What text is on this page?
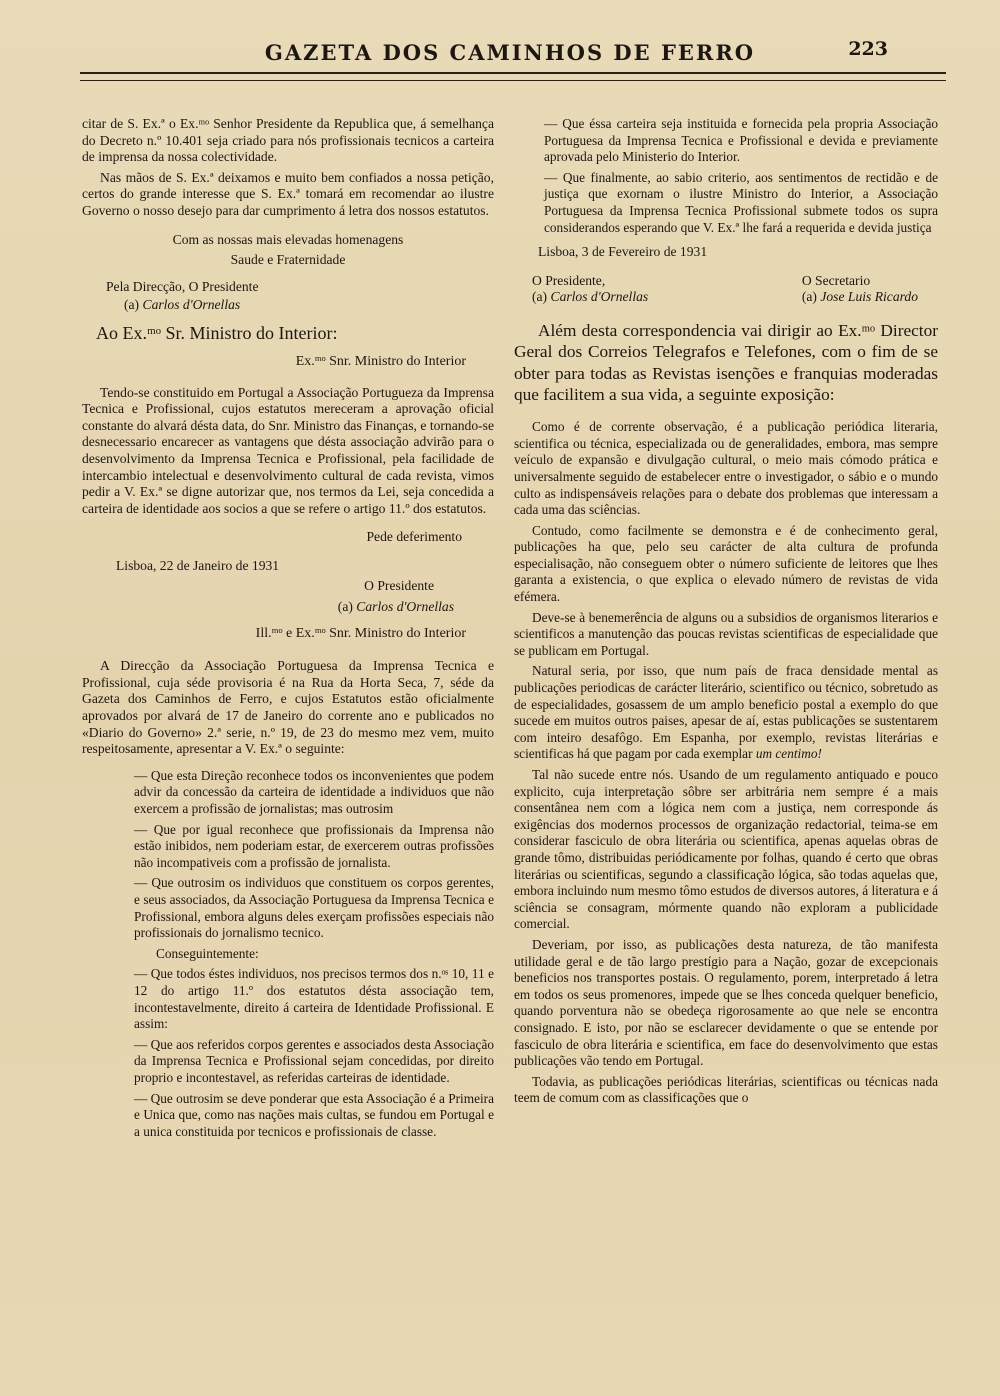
GAZETA DOS CAMINHOS DE FERRO	223

citar de S. Ex.ª o Ex.ᵐᵒ Senhor Presidente da Republica que, á semelhança do Decreto n.º 10.401 seja criado para nós profissionais tecnicos a carteira de imprensa da nossa colectividade.

Nas mãos de S. Ex.ª deixamos e muito bem confiados a nossa petição, certos do grande interesse que S. Ex.ª tomará em recomendar ao ilustre Governo o nosso desejo para dar cumprimento á letra dos nossos estatutos.

Com as nossas mais elevadas homenagens

Saude e Fraternidade

Pela Direcção, O Presidente

(a) Carlos d'Ornellas

Ao Ex.ᵐᵒ Sr. Ministro do Interior:

Ex.ᵐᵒ Snr. Ministro do Interior

Tendo-se constituido em Portugal a Associação Portugueza da Imprensa Tecnica e Profissional, cujos estatutos mereceram a aprovação oficial constante do alvará désta data, do Snr. Ministro das Finanças, e tornando-se desnecessario encarecer as vantagens que désta associação advirão para o desenvolvimento da Imprensa Tecnica e Profissional, pela facilidade de intercambio intelectual e desenvolvimento cultural de cada revista, vimos pedir a V. Ex.ª se digne autorizar que, nos termos da Lei, seja concedida a carteira de identidade aos socios a que se refere o artigo 11.º dos estatutos.

Pede deferimento

Lisboa, 22 de Janeiro de 1931

O Presidente

(a) Carlos d'Ornellas

Ill.ᵐᵒ e Ex.ᵐᵒ Snr. Ministro do Interior

A Direcção da Associação Portuguesa da Imprensa Tecnica e Profissional, cuja séde provisoria é na Rua da Horta Seca, 7, séde da Gazeta dos Caminhos de Ferro, e cujos Estatutos estão oficialmente aprovados por alvará de 17 de Janeiro do corrente ano e publicados no «Diario do Governo» 2.ª serie, n.º 19, de 23 do mesmo mez vem, muito respeitosamente, apresentar a V. Ex.ª o seguinte:

— Que esta Direção reconhece todos os inconvenientes que podem advir da concessão da carteira de identidade a individuos que não exercem a profissão de jornalistas; mas outrosim

— Que por igual reconhece que profissionais da Imprensa não estão inibidos, nem poderiam estar, de exercerem outras profissões não incompativeis com a profissão de jornalista.

— Que outrosim os individuos que constituem os corpos gerentes, e seus associados, da Associação Portuguesa da Imprensa Tecnica e Profissional, embora alguns deles exerçam profissões especiais não profissionais do jornalismo tecnico.

Conseguintemente:

— Que todos éstes individuos, nos precisos termos dos n.ᵒˢ 10, 11 e 12 do artigo 11.º dos estatutos désta associação tem, incontestavelmente, direito á carteira de Identidade Profissional. E assim:

— Que aos referidos corpos gerentes e associados desta Associação da Imprensa Tecnica e Profissional sejam concedidas, por direito proprio e incontestavel, as referidas carteiras de identidade.

— Que outrosim se deve ponderar que esta Associação é a Primeira e Unica que, como nas nações mais cultas, se fundou em Portugal e a unica constituida por tecnicos e profissionais de classe.

— Que éssa carteira seja instituida e fornecida pela propria Associação Portuguesa da Imprensa Tecnica e Profissional e devida e previamente aprovada pelo Ministerio do Interior.

— Que finalmente, ao sabio criterio, aos sentimentos de rectidão e de justiça que exornam o ilustre Ministro do Interior, a Associação Portuguesa da Imprensa Tecnica Profissional submete todos os supra considerandos esperando que V. Ex.ª lhe fará a requerida e devida justiça

Lisboa, 3 de Fevereiro de 1931

O Presidente,

(a) Carlos d'Ornellas

O Secretario

(a) Jose Luis Ricardo

Além desta correspondencia vai dirigir ao Ex.ᵐᵒ Director Geral dos Correios Telegrafos e Telefones, com o fim de se obter para todas as Revistas isenções e franquias moderadas que facilitem a sua vida, a seguinte exposição:

Como é de corrente observação, é a publicação periódica literaria, scientifica ou técnica, especializada ou de generalidades, embora, mas sempre veículo de expansão e divulgação cultural, o meio mais cómodo prática e universalmente seguido de estabelecer entre o investigador, o sábio e o mundo culto as indispensáveis relações para o debate dos problemas que interessam a cada uma das sciências.

Contudo, como facilmente se demonstra e é de conhecimento geral, publicações ha que, pelo seu carácter de alta cultura de profunda especialisação, não conseguem obter o número suficiente de leitores que lhes garanta a existencia, o que explica o elevado número de revistas de vida efémera.

Deve-se à benemerência de alguns ou a subsidios de organismos literarios e scientificos a manutenção das poucas revistas scientificas de especialidade que se publicam em Portugal.

Natural seria, por isso, que num país de fraca densidade mental as publicações periodicas de carácter literário, scientifico ou técnico, sobretudo as de especialidades, gosassem de um amplo beneficio postal a exemplo do que sucede em muitos outros paises, apesar de aí, estas publicações se sustentarem com inteiro desafôgo. Em Espanha, por exemplo, revistas literárias e scientificas há que pagam por cada exemplar um centimo!

Tal não sucede entre nós. Usando de um regulamento antiquado e pouco explicito, cuja interpretação sôbre ser arbitrária nem sempre é a mais consentânea nem com a lógica nem com a justiça, nem corresponde ás exigências dos modernos processos de organização redactorial, teima-se em considerar fasciculo de obra literária ou scientifica, apenas aquelas obras de grande tômo, distribuidas periódicamente por folhas, quando é certo que obras literárias ou scientificas, segundo a classificação lógica, são todas aquelas que, embora incluindo num mesmo tômo estudos de diversos autores, á literatura e á sciência se consagram, mórmente quando não exploram a publicidade comercial.

Deveriam, por isso, as publicações desta natureza, de tão manifesta utilidade geral e de tão largo prestígio para a Nação, gozar de excepcionais beneficios nos transportes postais. O regulamento, porem, interpretado á letra em todos os seus promenores, impede que se lhes conceda quelquer beneficio, quando porventura não se obedeça rigorosamente ao que nele se encontra consignado. E isto, por não se esclarecer devidamente o que se entende por fasciculo de obra literária e scientifica, em face do desenvolvimento que estas publicações vão tendo em Portugal.

Todavia, as publicações periódicas literárias, scientificas ou técnicas nada teem de comum com as classificações que o
